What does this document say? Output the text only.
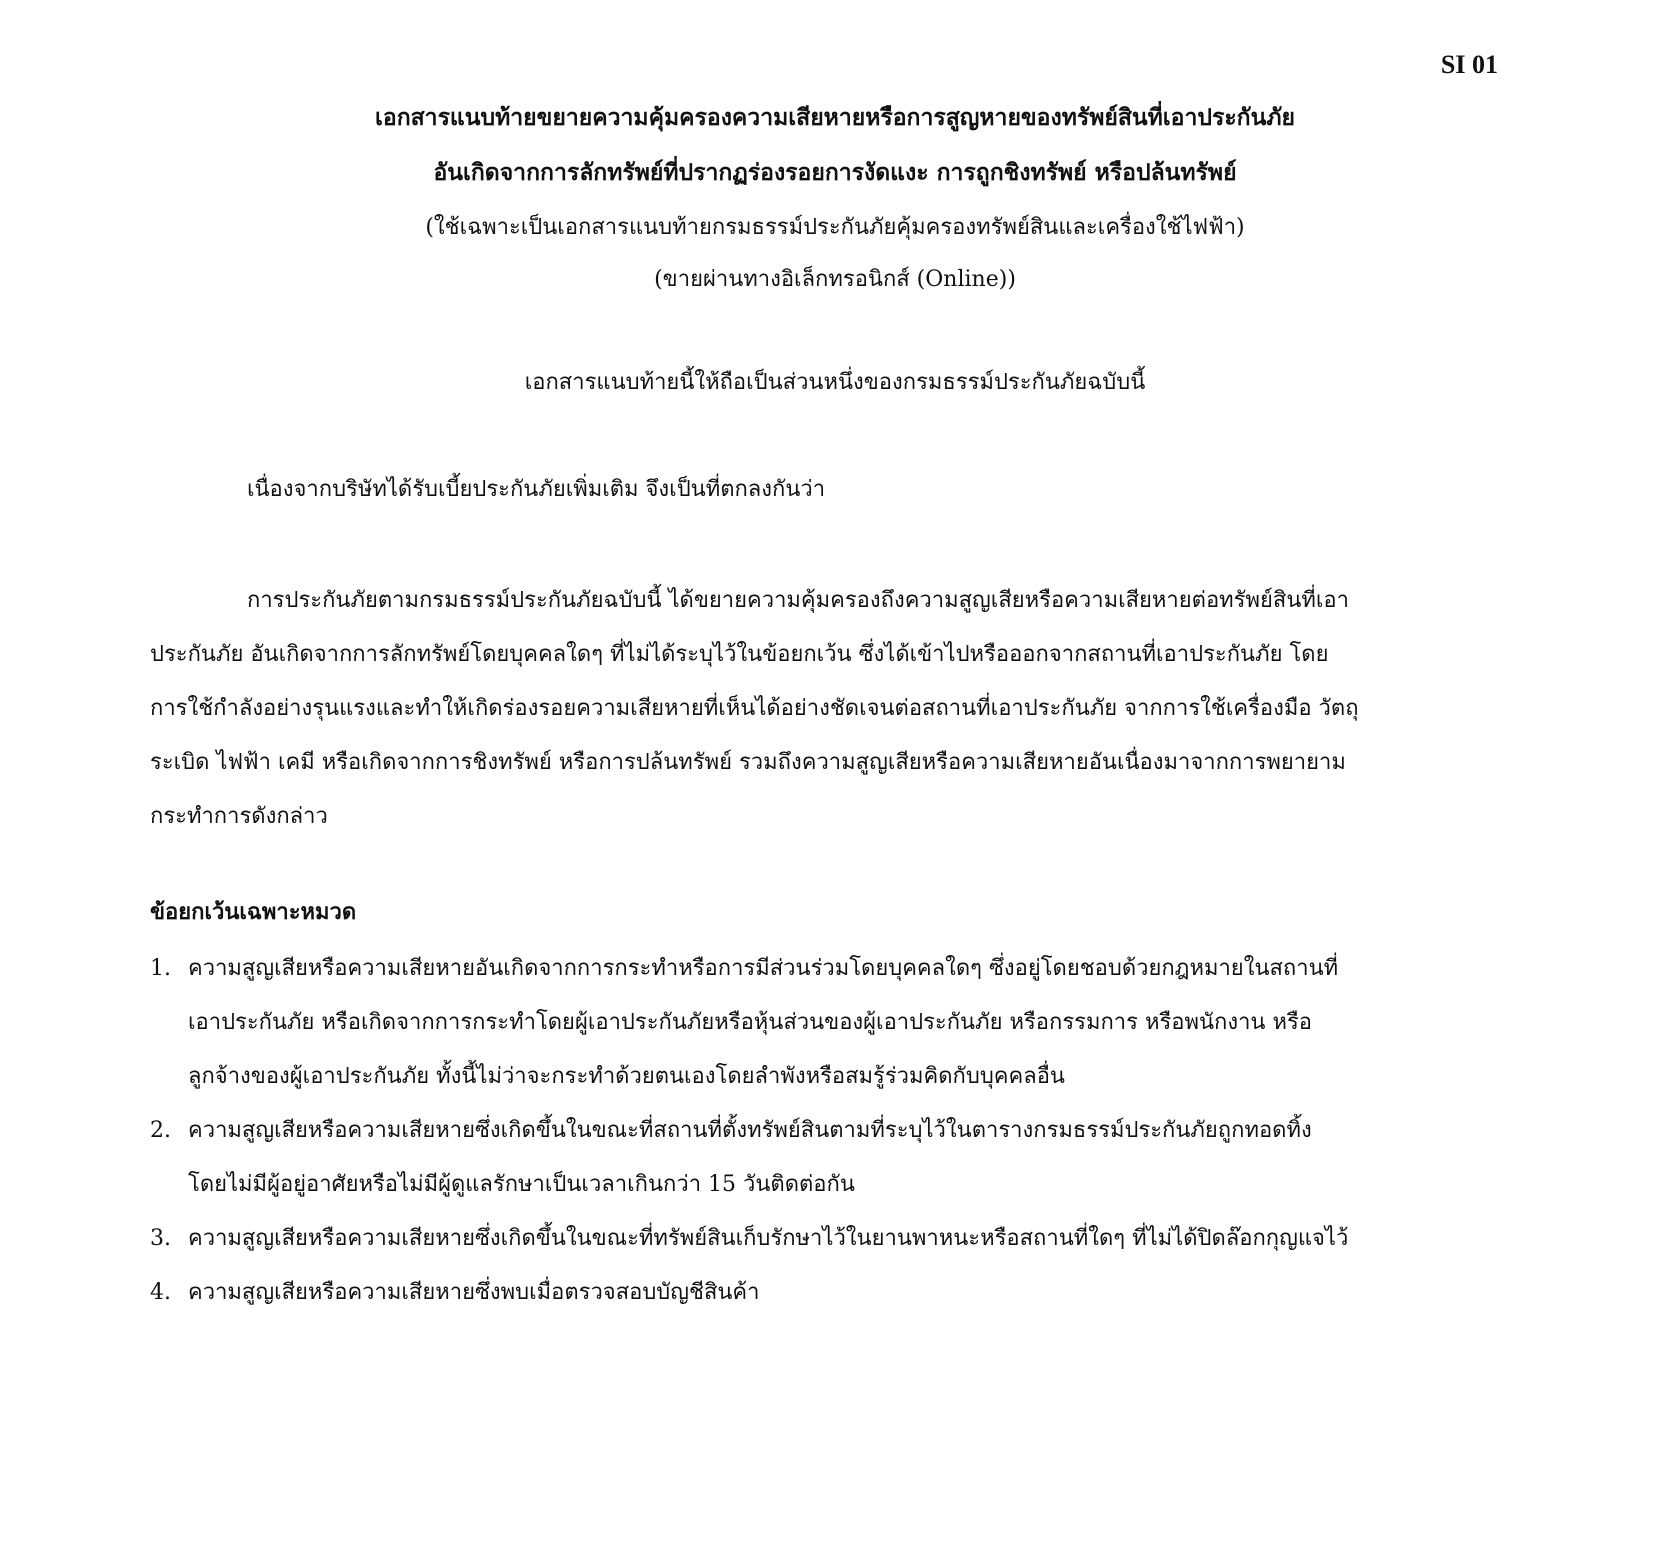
SI 01
เอกสารแนบท้ายขยายความคุ้มครองความเสียหายหรือการสูญหายของทรัพย์สินที่เอาประกันภัย
อันเกิดจากการลักทรัพย์ที่ปรากฏร่องรอยการงัดแงะ การถูกชิงทรัพย์ หรือปล้นทรัพย์
(ใช้เฉพาะเป็นเอกสารแนบท้ายกรมธรรม์ประกันภัยคุ้มครองทรัพย์สินและเครื่องใช้ไฟฟ้า)
(ขายผ่านทางอิเล็กทรอนิกส์ (Online))
เอกสารแนบท้ายนี้ให้ถือเป็นส่วนหนึ่งของกรมธรรม์ประกันภัยฉบับนี้
เนื่องจากบริษัทได้รับเบี้ยประกันภัยเพิ่มเติม จึงเป็นที่ตกลงกันว่า
การประกันภัยตามกรมธรรม์ประกันภัยฉบับนี้ ได้ขยายความคุ้มครองถึงความสูญเสียหรือความเสียหายต่อทรัพย์สินที่เอา
ประกันภัย อันเกิดจากการลักทรัพย์โดยบุคคลใดๆ ที่ไม่ได้ระบุไว้ในข้อยกเว้น ซึ่งได้เข้าไปหรือออกจากสถานที่เอาประกันภัย โดย
การใช้กำลังอย่างรุนแรงและทำให้เกิดร่องรอยความเสียหายที่เห็นได้อย่างชัดเจนต่อสถานที่เอาประกันภัย จากการใช้เครื่องมือ วัตถุ
ระเบิด ไฟฟ้า เคมี หรือเกิดจากการชิงทรัพย์ หรือการปล้นทรัพย์ รวมถึงความสูญเสียหรือความเสียหายอันเนื่องมาจากการพยายาม
กระทำการดังกล่าว
ข้อยกเว้นเฉพาะหมวด
1. ความสูญเสียหรือความเสียหายอันเกิดจากการกระทำหรือการมีส่วนร่วมโดยบุคคลใดๆ ซึ่งอยู่โดยชอบด้วยกฎหมายในสถานที่
เอาประกันภัย หรือเกิดจากการกระทำโดยผู้เอาประกันภัยหรือหุ้นส่วนของผู้เอาประกันภัย หรือกรรมการ หรือพนักงาน หรือ
ลูกจ้างของผู้เอาประกันภัย ทั้งนี้ไม่ว่าจะกระทำด้วยตนเองโดยลำพังหรือสมรู้ร่วมคิดกับบุคคลอื่น
2. ความสูญเสียหรือความเสียหายซึ่งเกิดขึ้นในขณะที่สถานที่ตั้งทรัพย์สินตามที่ระบุไว้ในตารางกรมธรรม์ประกันภัยถูกทอดทิ้ง
โดยไม่มีผู้อยู่อาศัยหรือไม่มีผู้ดูแลรักษาเป็นเวลาเกินกว่า 15 วันติดต่อกัน
3. ความสูญเสียหรือความเสียหายซึ่งเกิดขึ้นในขณะที่ทรัพย์สินเก็บรักษาไว้ในยานพาหนะหรือสถานที่ใดๆ ที่ไม่ได้ปิดล๊อกกุญแจไว้
4. ความสูญเสียหรือความเสียหายซึ่งพบเมื่อตรวจสอบบัญชีสินค้า
